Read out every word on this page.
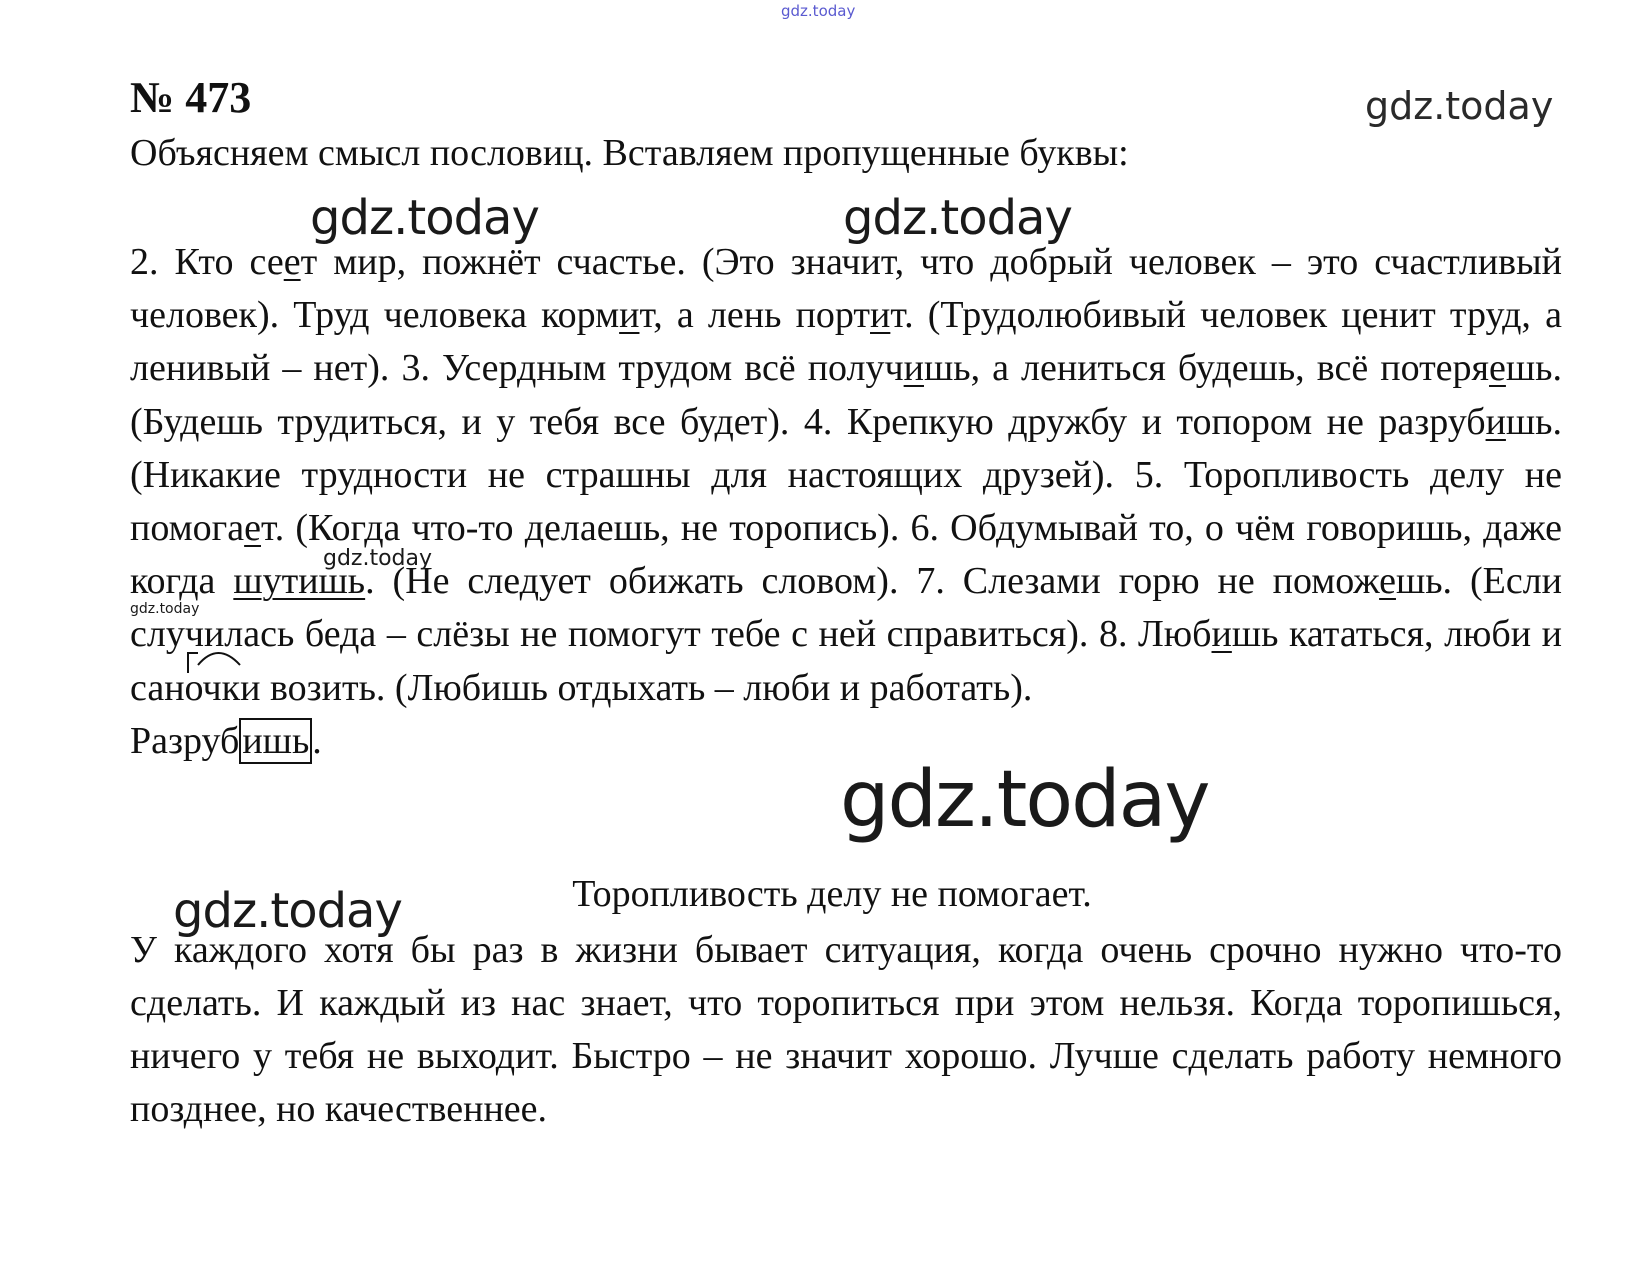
gdz.today
gdz.today
gdz.today	gdz.today
№ 473
Объясняем смысл пословиц. Вставляем пропущенные буквы:
2. Кто сеет мир, пожнёт счастье. (Это значит, что добрый человек – это счастливый человек). Труд человека кормит, а лень портит. (Трудолюбивый человек ценит труд, а ленивый – нет). 3. Усердным трудом всё получишь, а лениться будешь, всё потеряешь. (Будешь трудиться, и у тебя все будет). 4. Крепкую дружбу и топором не разрубишь. (Никакие трудности не страшны для настоящих друзей). 5. Торопливость делу не помогает. (Когда что-то делаешь, не торопись). 6. Обдумывай то, о чём говоришь, даже когда шутишь. (Не следует обижать словом). 7. Слезами горю не поможешь. (Если случилась беда – слёзы не помогут тебе с ней справиться). 8. Любишь кататься, люби и саночки возить. (Любишь отдыхать – люби и работать).
Разрубишь.
gdz.today
gdz.today
gdz.today
gdz.today	Торопливость делу не помогает.
У каждого хотя бы раз в жизни бывает ситуация, когда очень срочно нужно что-то сделать. И каждый из нас знает, что торопиться при этом нельзя. Когда торопишься, ничего у тебя не выходит. Быстро – не значит хорошо. Лучше сделать работу немного позднее, но качественнее.
